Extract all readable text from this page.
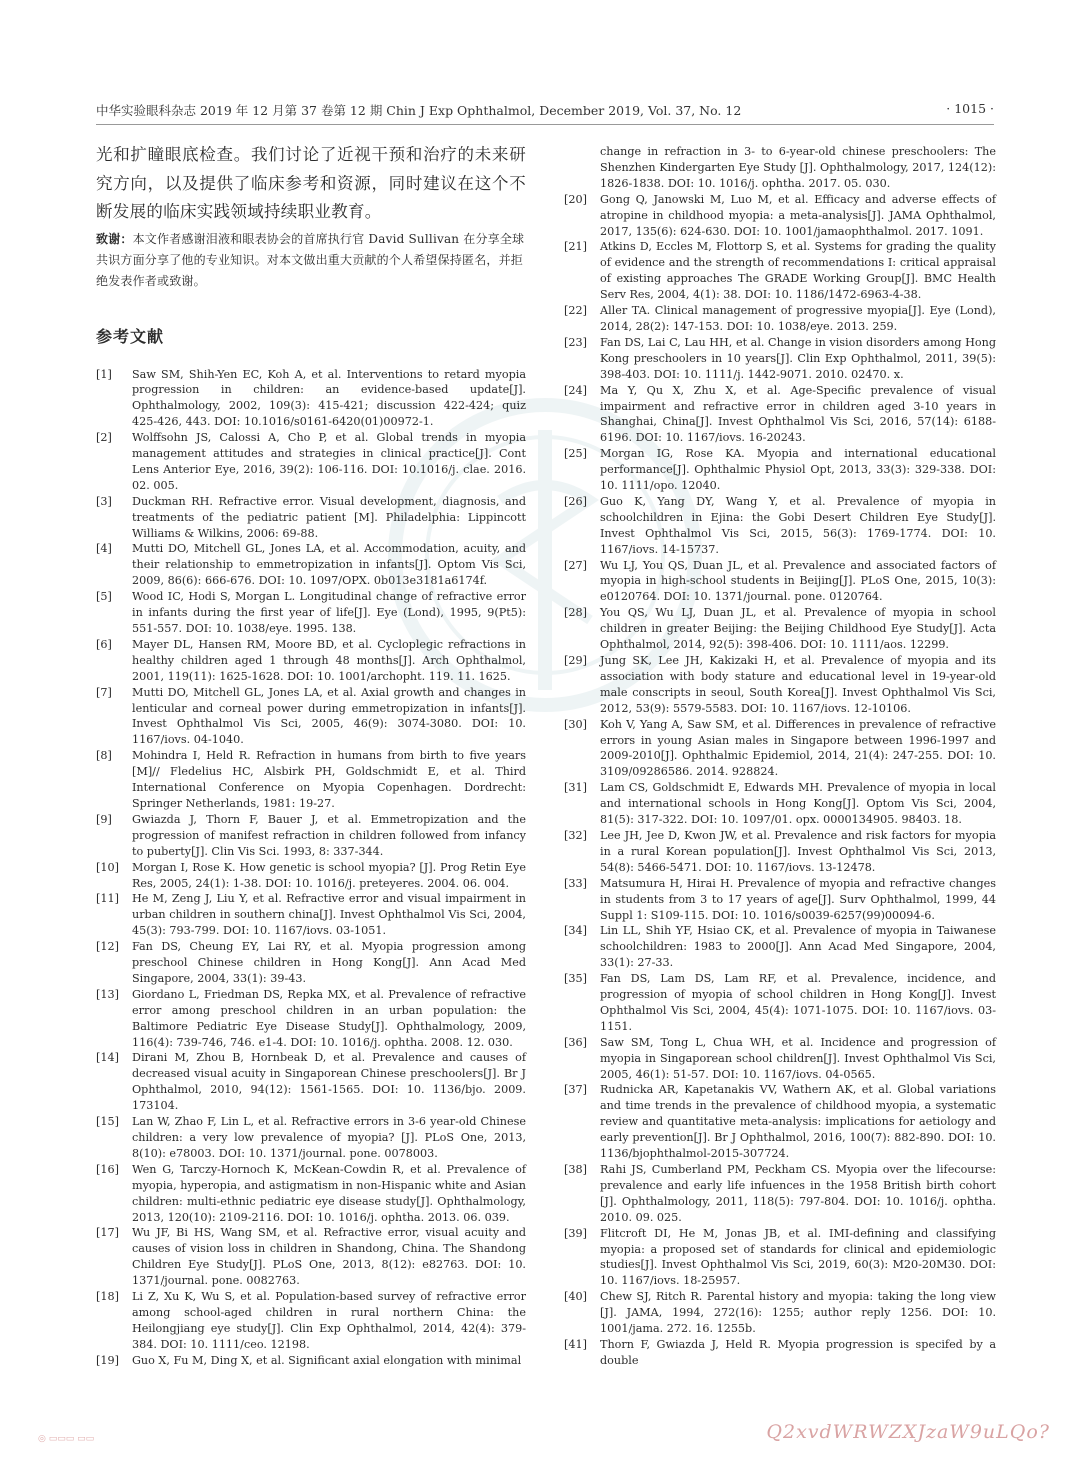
中华实验眼科杂志 2019 年 12 月第 37 卷第 12 期 Chin J Exp Ophthalmol, December 2019, Vol. 37, No. 12	· 1015 ·

光和扩瞳眼底检查。我们讨论了近视干预和治疗的未来研究方向，以及提供了临床参考和资源，同时建议在这个不断发展的临床实践领域持续职业教育。

致谢：本文作者感谢泪液和眼表协会的首席执行官 David Sullivan 在分享全球共识方面分享了他的专业知识。对本文做出重大贡献的个人希望保持匿名，并拒绝发表作者或致谢。

参考文献
[1]	Saw SM, Shih-Yen EC, Koh A, et al. Interventions to retard myopia progression in children: an evidence-based update[J]. Ophthalmology, 2002, 109(3): 415-421; discussion 422-424; quiz 425-426, 443. DOI: 10.1016/s0161-6420(01)00972-1.
[2]	Wolffsohn JS, Calossi A, Cho P, et al. Global trends in myopia management attitudes and strategies in clinical practice[J]. Cont Lens Anterior Eye, 2016, 39(2): 106-116. DOI: 10.1016/j. clae. 2016. 02. 005.
[3]	Duckman RH. Refractive error. Visual development, diagnosis, and treatments of the pediatric patient [M]. Philadelphia: Lippincott Williams & Wilkins, 2006: 69-88.
[4]	Mutti DO, Mitchell GL, Jones LA, et al. Accommodation, acuity, and their relationship to emmetropization in infants[J]. Optom Vis Sci, 2009, 86(6): 666-676. DOI: 10. 1097/OPX. 0b013e3181a6174f.
[5]	Wood IC, Hodi S, Morgan L. Longitudinal change of refractive error in infants during the first year of life[J]. Eye (Lond), 1995, 9(Pt5): 551-557. DOI: 10. 1038/eye. 1995. 138.
[6]	Mayer DL, Hansen RM, Moore BD, et al. Cycloplegic refractions in healthy children aged 1 through 48 months[J]. Arch Ophthalmol, 2001, 119(11): 1625-1628. DOI: 10. 1001/archopht. 119. 11. 1625.
[7]	Mutti DO, Mitchell GL, Jones LA, et al. Axial growth and changes in lenticular and corneal power during emmetropization in infants[J]. Invest Ophthalmol Vis Sci, 2005, 46(9): 3074-3080. DOI: 10. 1167/iovs. 04-1040.
[8]	Mohindra I, Held R. Refraction in humans from birth to five years [M]// Fledelius HC, Alsbirk PH, Goldschmidt E, et al. Third International Conference on Myopia Copenhagen. Dordrecht: Springer Netherlands, 1981: 19-27.
[9]	Gwiazda J, Thorn F, Bauer J, et al. Emmetropization and the progression of manifest refraction in children followed from infancy to puberty[J]. Clin Vis Sci. 1993, 8: 337-344.
[10]	Morgan I, Rose K. How genetic is school myopia? [J]. Prog Retin Eye Res, 2005, 24(1): 1-38. DOI: 10. 1016/j. preteyeres. 2004. 06. 004.
[11]	He M, Zeng J, Liu Y, et al. Refractive error and visual impairment in urban children in southern china[J]. Invest Ophthalmol Vis Sci, 2004, 45(3): 793-799. DOI: 10. 1167/iovs. 03-1051.
[12]	Fan DS, Cheung EY, Lai RY, et al. Myopia progression among preschool Chinese children in Hong Kong[J]. Ann Acad Med Singapore, 2004, 33(1): 39-43.
[13]	Giordano L, Friedman DS, Repka MX, et al. Prevalence of refractive error among preschool children in an urban population: the Baltimore Pediatric Eye Disease Study[J]. Ophthalmology, 2009, 116(4): 739-746, 746. e1-4. DOI: 10. 1016/j. ophtha. 2008. 12. 030.
[14]	Dirani M, Zhou B, Hornbeak D, et al. Prevalence and causes of decreased visual acuity in Singaporean Chinese preschoolers[J]. Br J Ophthalmol, 2010, 94(12): 1561-1565. DOI: 10. 1136/bjo. 2009. 173104.
[15]	Lan W, Zhao F, Lin L, et al. Refractive errors in 3-6 year-old Chinese children: a very low prevalence of myopia? [J]. PLoS One, 2013, 8(10): e78003. DOI: 10. 1371/journal. pone. 0078003.
[16]	Wen G, Tarczy-Hornoch K, McKean-Cowdin R, et al. Prevalence of myopia, hyperopia, and astigmatism in non-Hispanic white and Asian children: multi-ethnic pediatric eye disease study[J]. Ophthalmology, 2013, 120(10): 2109-2116. DOI: 10. 1016/j. ophtha. 2013. 06. 039.
[17]	Wu JF, Bi HS, Wang SM, et al. Refractive error, visual acuity and causes of vision loss in children in Shandong, China. The Shandong Children Eye Study[J]. PLoS One, 2013, 8(12): e82763. DOI: 10. 1371/journal. pone. 0082763.
[18]	Li Z, Xu K, Wu S, et al. Population-based survey of refractive error among school-aged children in rural northern China: the Heilongjiang eye study[J]. Clin Exp Ophthalmol, 2014, 42(4): 379-384. DOI: 10. 1111/ceo. 12198.
[19]	Guo X, Fu M, Ding X, et al. Significant axial elongation with minimal
change in refraction in 3- to 6-year-old chinese preschoolers: The Shenzhen Kindergarten Eye Study [J]. Ophthalmology, 2017, 124(12): 1826-1838. DOI: 10. 1016/j. ophtha. 2017. 05. 030.
[20]	Gong Q, Janowski M, Luo M, et al. Efficacy and adverse effects of atropine in childhood myopia: a meta-analysis[J]. JAMA Ophthalmol, 2017, 135(6): 624-630. DOI: 10. 1001/jamaophthalmol. 2017. 1091.
[21]	Atkins D, Eccles M, Flottorp S, et al. Systems for grading the quality of evidence and the strength of recommendations I: critical appraisal of existing approaches The GRADE Working Group[J]. BMC Health Serv Res, 2004, 4(1): 38. DOI: 10. 1186/1472-6963-4-38.
[22]	Aller TA. Clinical management of progressive myopia[J]. Eye (Lond), 2014, 28(2): 147-153. DOI: 10. 1038/eye. 2013. 259.
[23]	Fan DS, Lai C, Lau HH, et al. Change in vision disorders among Hong Kong preschoolers in 10 years[J]. Clin Exp Ophthalmol, 2011, 39(5): 398-403. DOI: 10. 1111/j. 1442-9071. 2010. 02470. x.
[24]	Ma Y, Qu X, Zhu X, et al. Age-Specific prevalence of visual impairment and refractive error in children aged 3-10 years in Shanghai, China[J]. Invest Ophthalmol Vis Sci, 2016, 57(14): 6188-6196. DOI: 10. 1167/iovs. 16-20243.
[25]	Morgan IG, Rose KA. Myopia and international educational performance[J]. Ophthalmic Physiol Opt, 2013, 33(3): 329-338. DOI: 10. 1111/opo. 12040.
[26]	Guo K, Yang DY, Wang Y, et al. Prevalence of myopia in schoolchildren in Ejina: the Gobi Desert Children Eye Study[J]. Invest Ophthalmol Vis Sci, 2015, 56(3): 1769-1774. DOI: 10. 1167/iovs. 14-15737.
[27]	Wu LJ, You QS, Duan JL, et al. Prevalence and associated factors of myopia in high-school students in Beijing[J]. PLoS One, 2015, 10(3): e0120764. DOI: 10. 1371/journal. pone. 0120764.
[28]	You QS, Wu LJ, Duan JL, et al. Prevalence of myopia in school children in greater Beijing: the Beijing Childhood Eye Study[J]. Acta Ophthalmol, 2014, 92(5): 398-406. DOI: 10. 1111/aos. 12299.
[29]	Jung SK, Lee JH, Kakizaki H, et al. Prevalence of myopia and its association with body stature and educational level in 19-year-old male conscripts in seoul, South Korea[J]. Invest Ophthalmol Vis Sci, 2012, 53(9): 5579-5583. DOI: 10. 1167/iovs. 12-10106.
[30]	Koh V, Yang A, Saw SM, et al. Differences in prevalence of refractive errors in young Asian males in Singapore between 1996-1997 and 2009-2010[J]. Ophthalmic Epidemiol, 2014, 21(4): 247-255. DOI: 10. 3109/09286586. 2014. 928824.
[31]	Lam CS, Goldschmidt E, Edwards MH. Prevalence of myopia in local and international schools in Hong Kong[J]. Optom Vis Sci, 2004, 81(5): 317-322. DOI: 10. 1097/01. opx. 0000134905. 98403. 18.
[32]	Lee JH, Jee D, Kwon JW, et al. Prevalence and risk factors for myopia in a rural Korean population[J]. Invest Ophthalmol Vis Sci, 2013, 54(8): 5466-5471. DOI: 10. 1167/iovs. 13-12478.
[33]	Matsumura H, Hirai H. Prevalence of myopia and refractive changes in students from 3 to 17 years of age[J]. Surv Ophthalmol, 1999, 44 Suppl 1: S109-115. DOI: 10. 1016/s0039-6257(99)00094-6.
[34]	Lin LL, Shih YF, Hsiao CK, et al. Prevalence of myopia in Taiwanese schoolchildren: 1983 to 2000[J]. Ann Acad Med Singapore, 2004, 33(1): 27-33.
[35]	Fan DS, Lam DS, Lam RF, et al. Prevalence, incidence, and progression of myopia of school children in Hong Kong[J]. Invest Ophthalmol Vis Sci, 2004, 45(4): 1071-1075. DOI: 10. 1167/iovs. 03-1151.
[36]	Saw SM, Tong L, Chua WH, et al. Incidence and progression of myopia in Singaporean school children[J]. Invest Ophthalmol Vis Sci, 2005, 46(1): 51-57. DOI: 10. 1167/iovs. 04-0565.
[37]	Rudnicka AR, Kapetanakis VV, Wathern AK, et al. Global variations and time trends in the prevalence of childhood myopia, a systematic review and quantitative meta-analysis: implications for aetiology and early prevention[J]. Br J Ophthalmol, 2016, 100(7): 882-890. DOI: 10. 1136/bjophthalmol-2015-307724.
[38]	Rahi JS, Cumberland PM, Peckham CS. Myopia over the lifecourse: prevalence and early life infuences in the 1958 British birth cohort [J]. Ophthalmology, 2011, 118(5): 797-804. DOI: 10. 1016/j. ophtha. 2010. 09. 025.
[39]	Flitcroft DI, He M, Jonas JB, et al. IMI-defining and classifying myopia: a proposed set of standards for clinical and epidemiologic studies[J]. Invest Ophthalmol Vis Sci, 2019, 60(3): M20-20M30. DOI: 10. 1167/iovs. 18-25957.
[40]	Chew SJ, Ritch R. Parental history and myopia: taking the long view [J]. JAMA, 1994, 272(16): 1255; author reply 1256. DOI: 10. 1001/jama. 272. 16. 1255b.
[41]	Thorn F, Gwiazda J, Held R. Myopia progression is specifed by a double
◎ ▭▭▭ ▭▭	Q2xvdWRWZXJzaW9uLQo?
